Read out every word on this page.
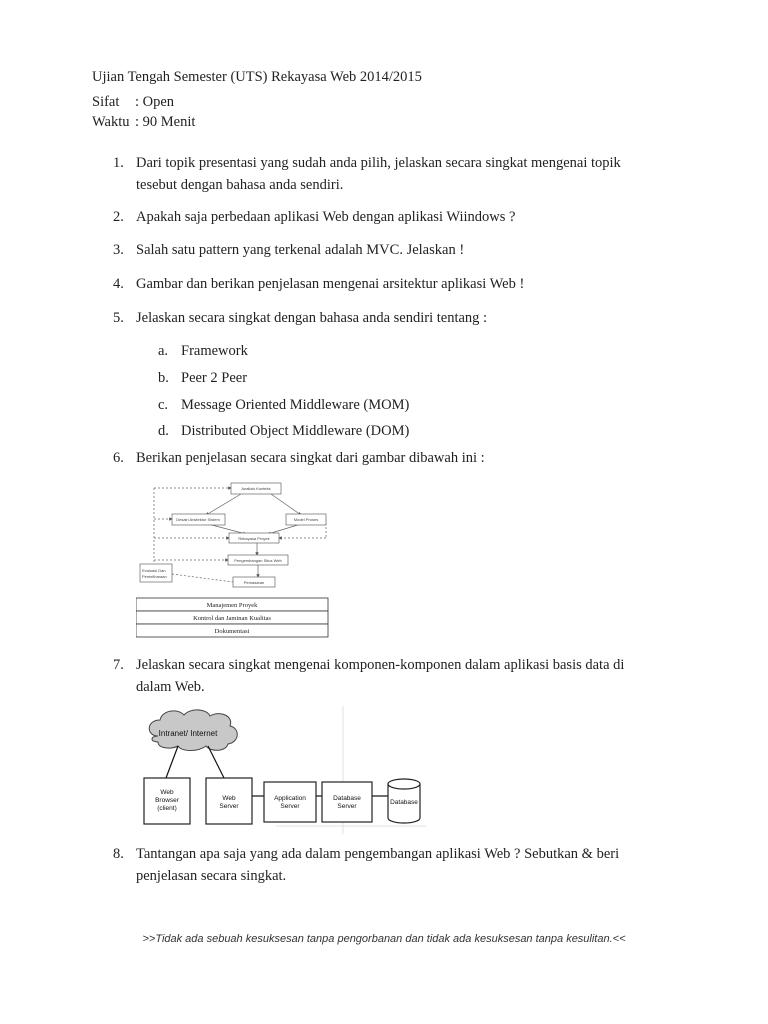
Ujian Tengah Semester (UTS) Rekayasa Web 2014/2015
Sifat : Open
Waktu : 90 Menit
1. Dari topik presentasi yang sudah anda pilih, jelaskan secara singkat mengenai topik
tesebut dengan bahasa anda sendiri.
2. Apakah saja perbedaan aplikasi Web dengan aplikasi Wiindows ?
3. Salah satu pattern yang terkenal adalah MVC. Jelaskan !
4. Gambar dan berikan penjelasan mengenai arsitektur aplikasi Web !
5. Jelaskan secara singkat dengan bahasa anda sendiri tentang :
a. Framework
b. Peer 2 Peer
c. Message Oriented Middleware (MOM)
d. Distributed Object Middleware (DOM)
6. Berikan penjelasan secara singkat dari gambar dibawah ini :
Analisis Konteks
Desain Arsitektur Sistem	Model Proses
Rekayasa Proyek
Pengembangan Situs Web
Evaluasi Dan
Pemeliharaan
Pemasaran
Manajemen Proyek
Kontrol dan Jaminan Kualitas
Dokumentasi
7. Jelaskan secara singkat mengenai komponen-komponen dalam aplikasi basis data di
dalam Web.
Intranet/ Internet
Web
Browser
(client)
Web
Server
Application
Server
Database
Server
Database
8. Tantangan apa saja yang ada dalam pengembangan aplikasi Web ? Sebutkan & beri
penjelasan secara singkat.
>>Tidak ada sebuah kesuksesan tanpa pengorbanan dan tidak ada kesuksesan tanpa kesulitan.<<
